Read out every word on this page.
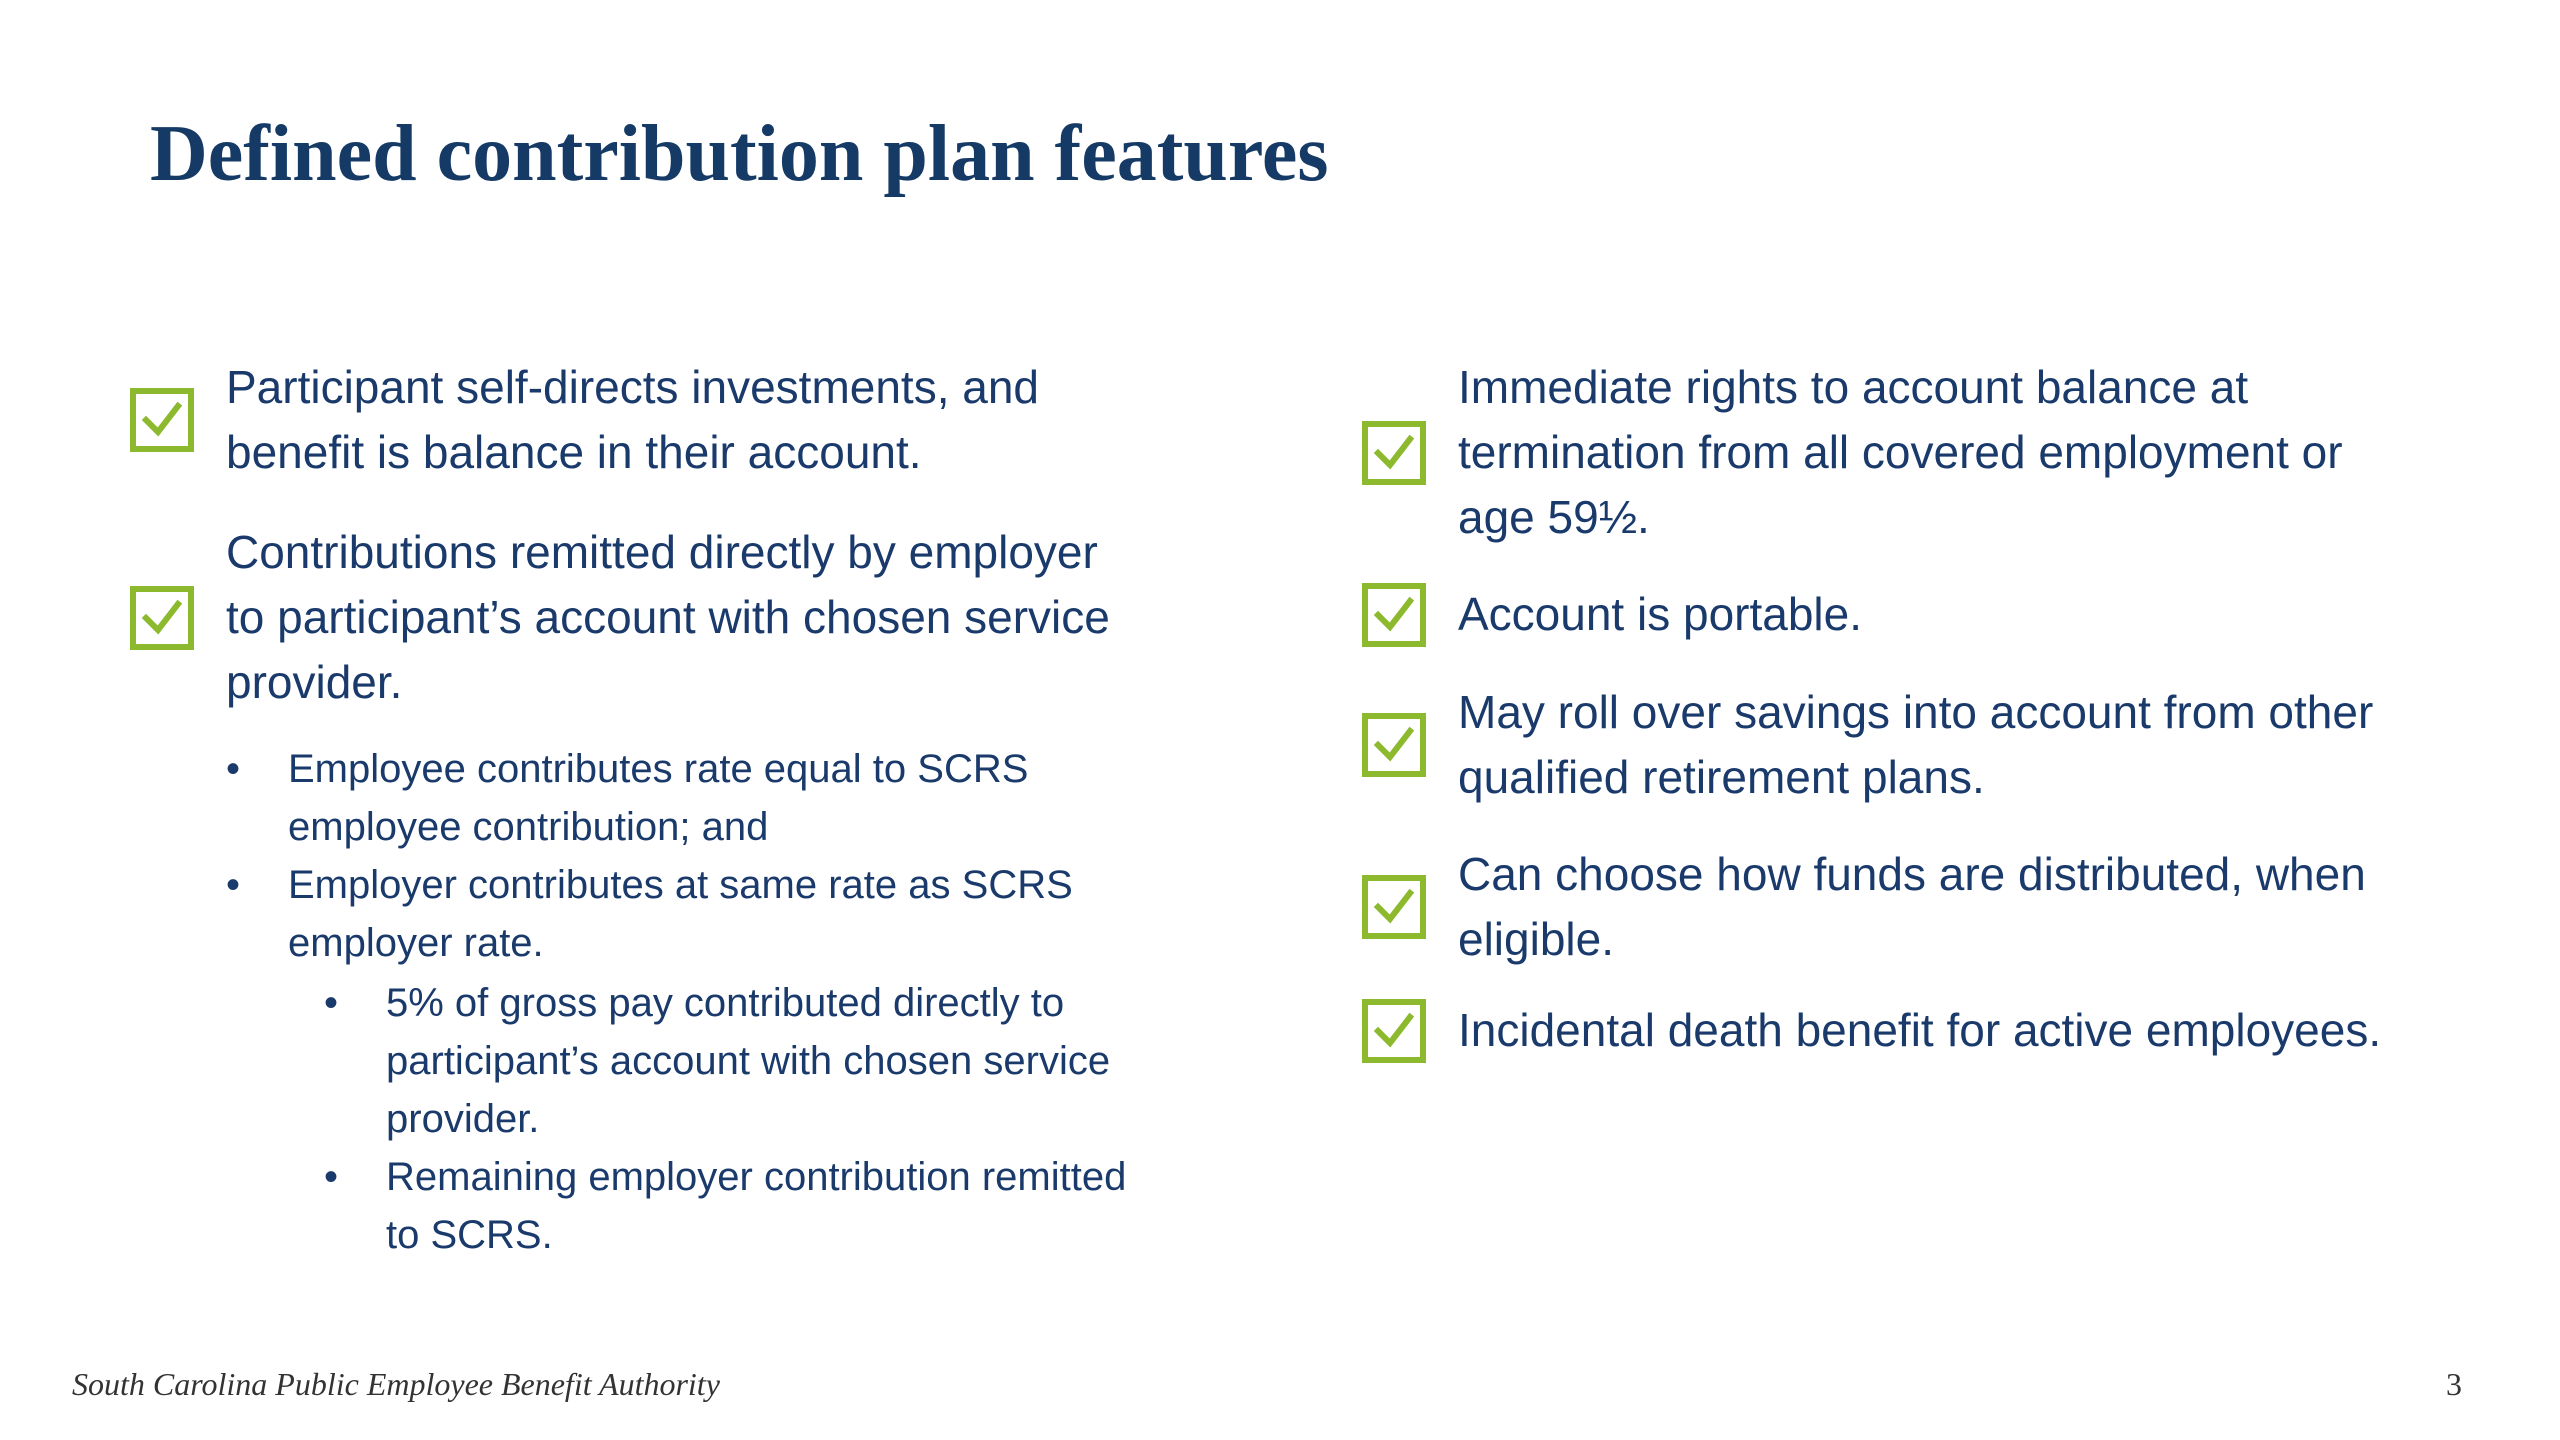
Defined contribution plan features
Participant self-directs investments, and
benefit is balance in their account.
Contributions remitted directly by employer
to participant’s account with chosen service
provider.
• Employee contributes rate equal to SCRS
employee contribution; and
• Employer contributes at same rate as SCRS
employer rate.
• 5% of gross pay contributed directly to
participant’s account with chosen service
provider.
• Remaining employer contribution remitted
to SCRS.
Immediate rights to account balance at
termination from all covered employment or
age 59½.
Account is portable.
May roll over savings into account from other
qualified retirement plans.
Can choose how funds are distributed, when
eligible.
Incidental death benefit for active employees.
South Carolina Public Employee Benefit Authority	3
